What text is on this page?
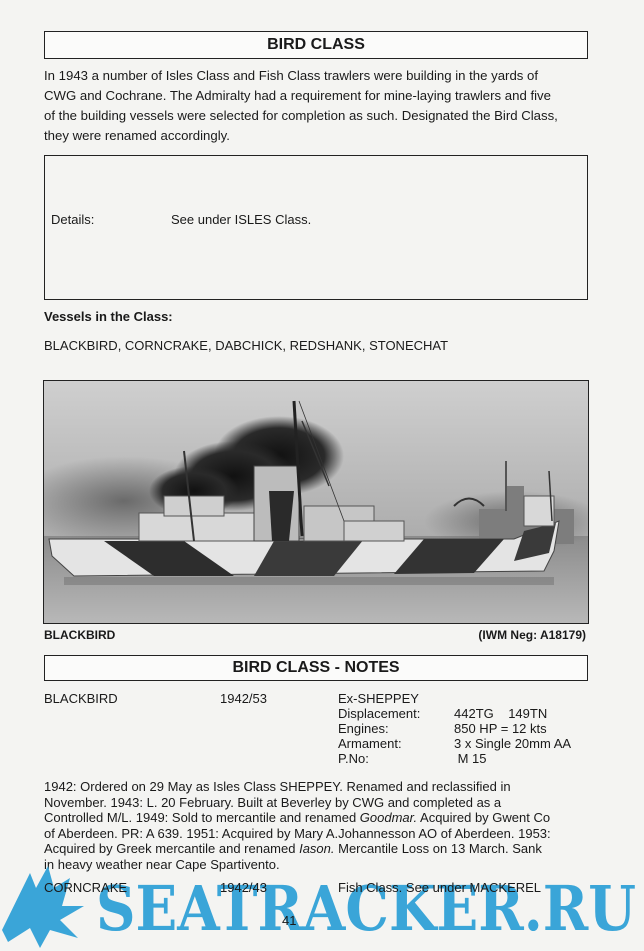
BIRD CLASS
In 1943 a number of Isles Class and Fish Class trawlers were building in the yards of
CWG and Cochrane. The Admiralty had a requirement for mine-laying trawlers and five
of the building vessels were selected for completion as such. Designated the Bird Class,
they were renamed accordingly.
Details:	See under ISLES Class.
Vessels in the Class:
BLACKBIRD, CORNCRAKE, DABCHICK, REDSHANK, STONECHAT
BLACKBIRD	(IWM Neg: A18179)
BIRD CLASS - NOTES
BLACKBIRD	1942/53	Ex-SHEPPEY
Displacement:	442TG    149TN
Engines:	850 HP = 12 kts
Armament:	3 x Single 20mm AA
P.No:	M 15
1942: Ordered on 29 May as Isles Class SHEPPEY. Renamed and reclassified in
November. 1943: L. 20 February. Built at Beverley by CWG and completed as a
Controlled M/L. 1949: Sold to mercantile and renamed Goodmar. Acquired by Gwent Co
of Aberdeen. PR: A 639. 1951: Acquired by Mary A.Johannesson AO of Aberdeen. 1953:
Acquired by Greek mercantile and renamed Iason. Mercantile Loss on 13 March. Sank
in heavy weather near Cape Spartivento.
SEATRACKER.RU
CORNCRAKE	1942/43	Fish Class. See under MACKEREL
41
